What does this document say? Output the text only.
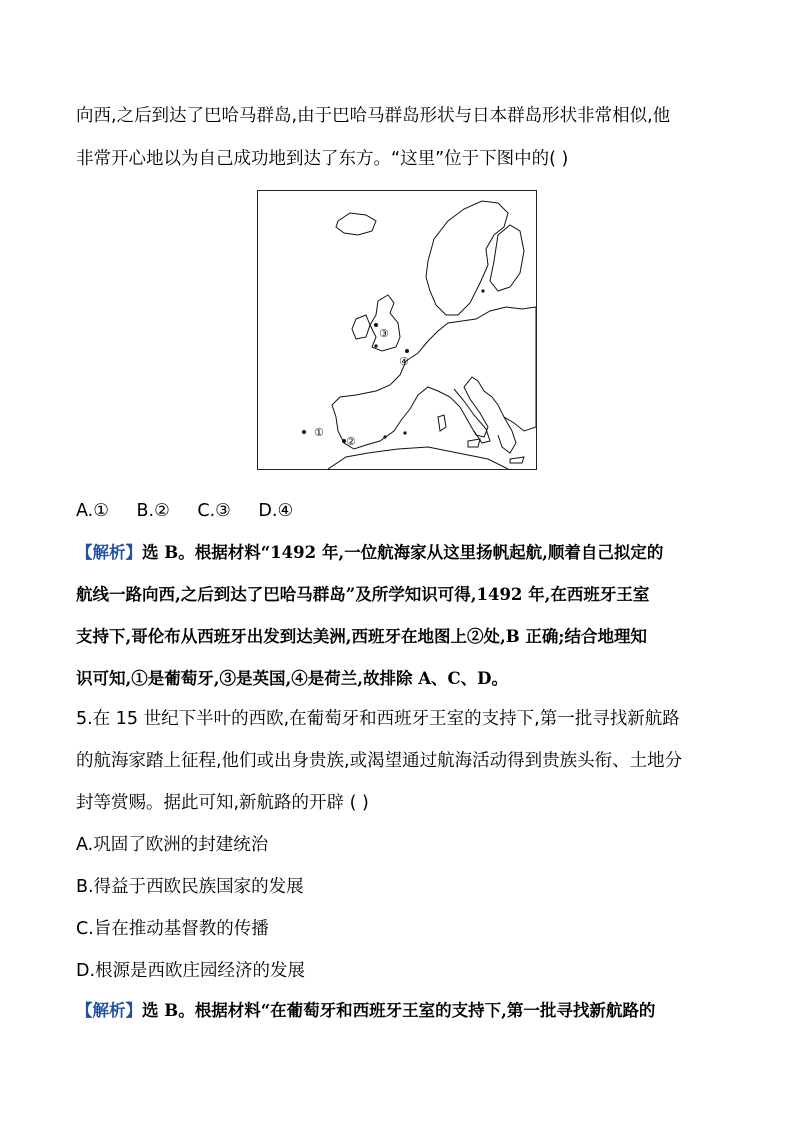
向西,之后到达了巴哈马群岛,由于巴哈马群岛形状与日本群岛形状非常相似,他
非常开心地以为自己成功地到达了东方。“这里”位于下图中的( )
①
②
③
④
A.① B.② C.③ D.④
【解析】选 B。根据材料“1492 年,一位航海家从这里扬帆起航,顺着自己拟定的
航线一路向西,之后到达了巴哈马群岛”及所学知识可得,1492 年,在西班牙王室
支持下,哥伦布从西班牙出发到达美洲,西班牙在地图上②处,B 正确;结合地理知
识可知,①是葡萄牙,③是英国,④是荷兰,故排除 A、C、D。
5.在 15 世纪下半叶的西欧,在葡萄牙和西班牙王室的支持下,第一批寻找新航路
的航海家踏上征程,他们或出身贵族,或渴望通过航海活动得到贵族头衔、土地分
封等赏赐。据此可知,新航路的开辟 ( )
A.巩固了欧洲的封建统治
B.得益于西欧民族国家的发展
C.旨在推动基督教的传播
D.根源是西欧庄园经济的发展
【解析】选 B。根据材料“在葡萄牙和西班牙王室的支持下,第一批寻找新航路的
